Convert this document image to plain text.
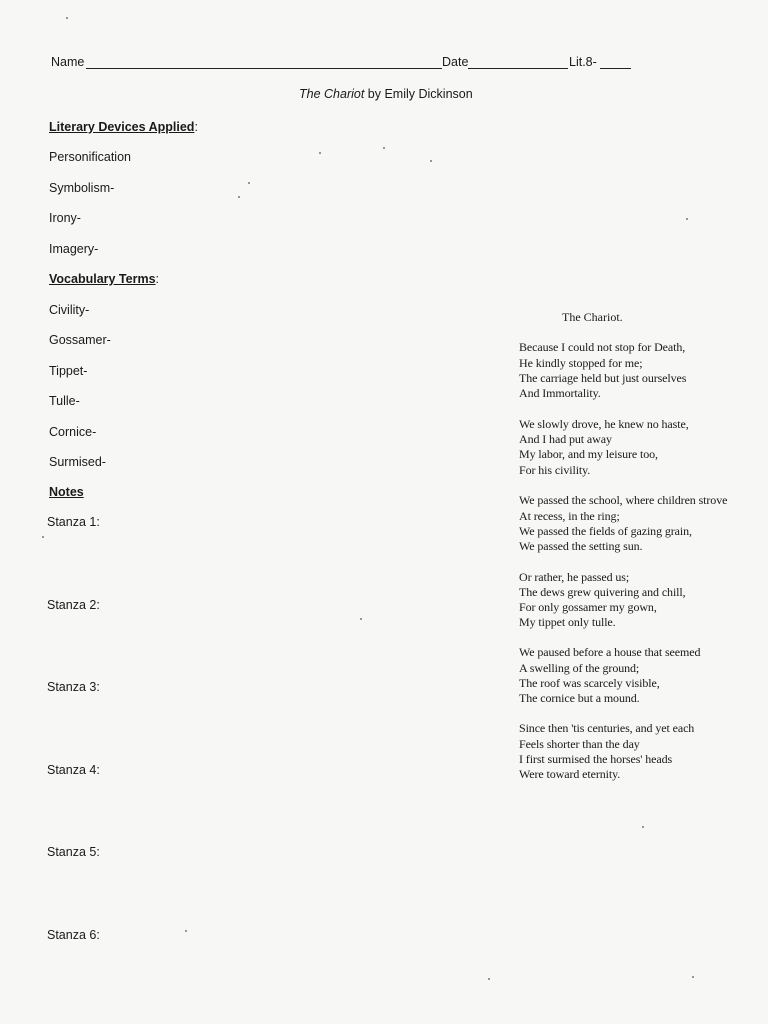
Name	Date	Lit.8-
The Chariot by Emily Dickinson
Literary Devices Applied:
Personification
Symbolism-
Irony-
Imagery-
Vocabulary Terms:
Civility-
Gossamer-
Tippet-
Tulle-
Cornice-
Surmised-
Notes
Stanza 1:
Stanza 2:
Stanza 3:
Stanza 4:
Stanza 5:
Stanza 6:
The Chariot.
Because I could not stop for Death,
He kindly stopped for me;
The carriage held but just ourselves
And Immortality.
We slowly drove, he knew no haste,
And I had put away
My labor, and my leisure too,
For his civility.
We passed the school, where children strove
At recess, in the ring;
We passed the fields of gazing grain,
We passed the setting sun.
Or rather, he passed us;
The dews grew quivering and chill,
For only gossamer my gown,
My tippet only tulle.
We paused before a house that seemed
A swelling of the ground;
The roof was scarcely visible,
The cornice but a mound.
Since then 'tis centuries, and yet each
Feels shorter than the day
I first surmised the horses' heads
Were toward eternity.
